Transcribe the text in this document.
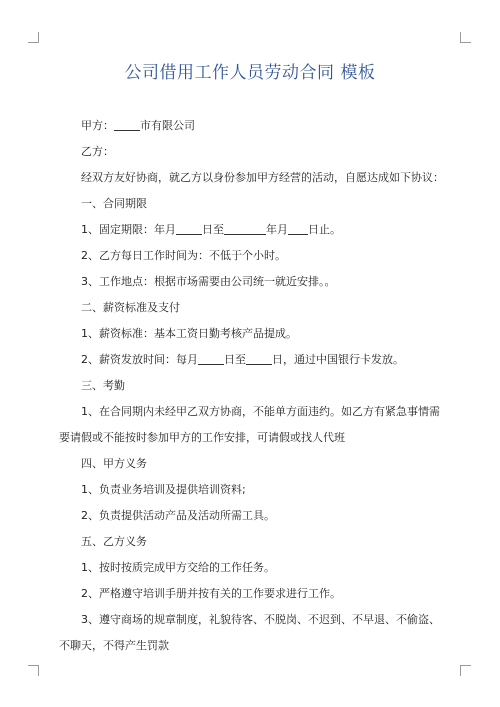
公司借用工作人员劳动合同 模板

甲方： 市有限公司

乙方：

经双方友好协商，就乙方以身份参加甲方经营的活动，自愿达成如下协议：

一、合同期限

1、固定期限：年月 日至	年月 日止。

2、乙方每日工作时间为：不低于个小时。

3、工作地点：根据市场需要由公司统一就近安排。。

二、薪资标准及支付

1、薪资标准：基本工资日勤考核产品提成。

2、薪资发放时间：每月 日至 日，通过中国银行卡发放。

三、考勤

1、在合同期内未经甲乙双方协商，不能单方面违约。如乙方有紧急事情需要请假或不能按时参加甲方的工作安排，可请假或找人代班

四、甲方义务

1、负责业务培训及提供培训资料;

2、负责提供活动产品及活动所需工具。

五、乙方义务

1、按时按质完成甲方交给的工作任务。

2、严格遵守培训手册并按有关的工作要求进行工作。

3、遵守商场的规章制度，礼貌待客、不脱岗、不迟到、不早退、不偷盗、不聊天，不得产生罚款
